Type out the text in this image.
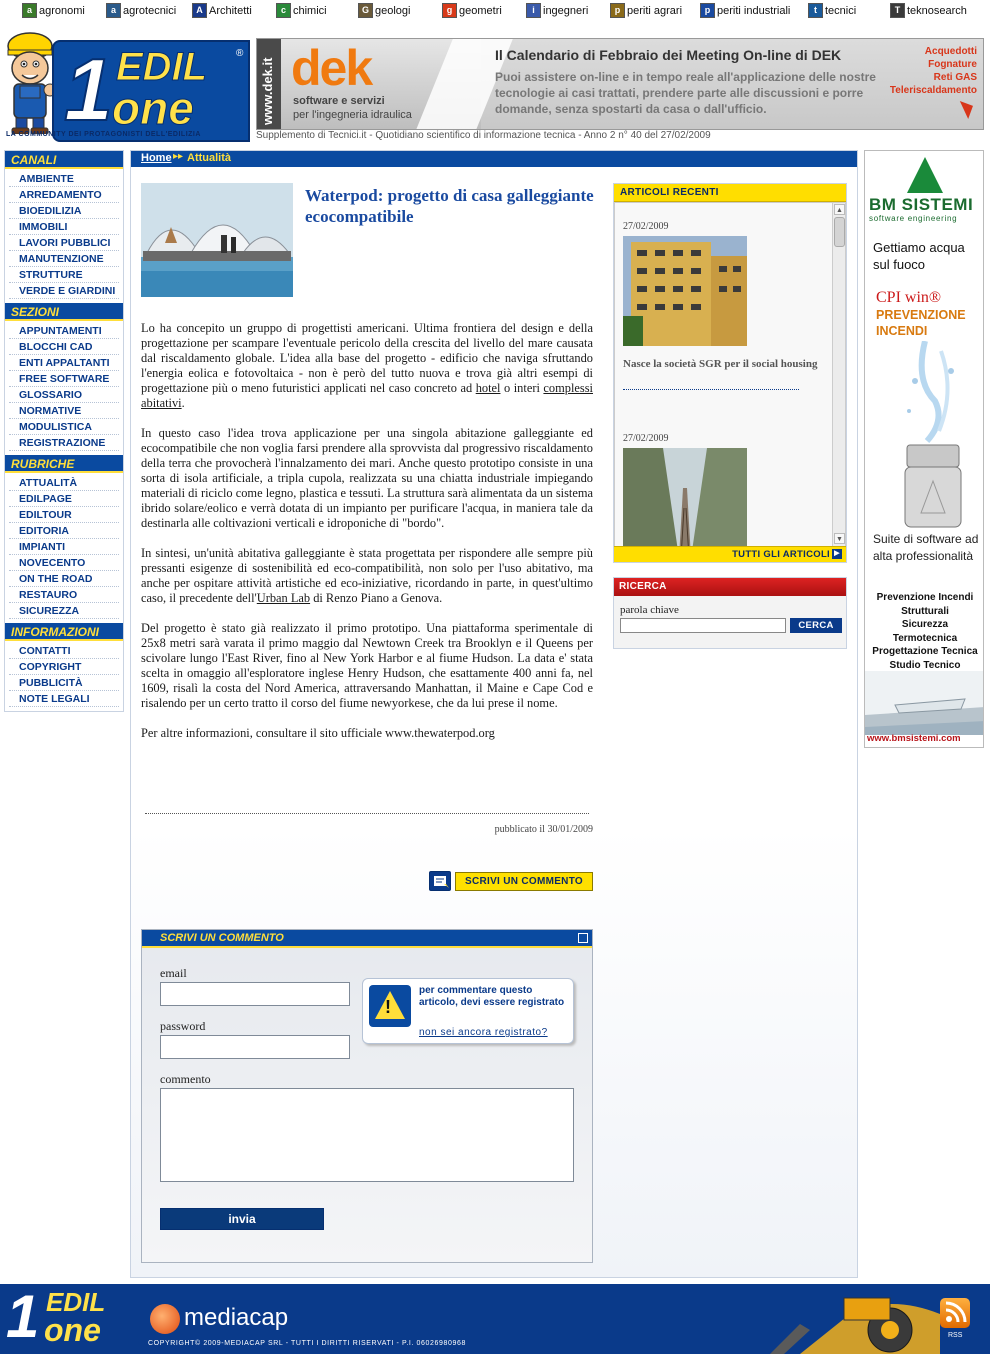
a agronomi	a agrotecnici	A Architetti	c chimici	G geologi	g geometri	i ingegneri	p periti agrari	p periti industriali	t tecnici	T teknosearch
1 EDIL
one
®
LA COMMUNITY DEI PROTAGONISTI DELL'EDILIZIA
www.dek.it dek
software e servizi
per l'ingegneria idraulica
Il Calendario di Febbraio dei Meeting On-line di DEK
Puoi assistere on-line e in tempo reale all'applicazione delle nostre tecnologie ai casi trattati, prendere parte alle discussioni e porre domande, senza spostarti da casa o dall'ufficio.
Acquedotti
Fognature
Reti GAS
Teleriscaldamento
Supplemento di Tecnici.it - Quotidiano scientifico di informazione tecnica - Anno 2 n° 40 del 27/02/2009
CANALI
AMBIENTE
ARREDAMENTO
BIOEDILIZIA
IMMOBILI
LAVORI PUBBLICI
MANUTENZIONE
STRUTTURE
VERDE E GIARDINI
SEZIONI
APPUNTAMENTI
BLOCCHI CAD
ENTI APPALTANTI
FREE SOFTWARE
GLOSSARIO
NORMATIVE
MODULISTICA
REGISTRAZIONE
RUBRICHE
ATTUALITÀ
EDILPAGE
EDILTOUR
EDITORIA
IMPIANTI
NOVECENTO
ON THE ROAD
RESTAURO
SICUREZZA
INFORMAZIONI
CONTATTI
COPYRIGHT
PUBBLICITÀ
NOTE LEGALI
Home ▸▸ Attualità
Waterpod: progetto di casa galleggiante ecocompatibile

Lo ha concepito un gruppo di progettisti americani. Ultima frontiera del design e della progettazione per scampare l'eventuale pericolo della crescita del livello del mare causata dal riscaldamento globale. L'idea alla base del progetto - edificio che naviga sfruttando l'energia eolica e fotovoltaica - non è però del tutto nuova e trova già altri esempi di progettazione più o meno futuristici applicati nel caso concreto ad hotel o interi complessi abitativi.

In questo caso l'idea trova applicazione per una singola abitazione galleggiante ed ecocompatibile che non voglia farsi prendere alla sprovvista dal progressivo riscaldamento della terra che provocherà l'innalzamento dei mari. Anche questo prototipo consiste in una sorta di isola artificiale, a tripla cupola, realizzata su una chiatta industriale impiegando materiali di riciclo come legno, plastica e tessuti. La struttura sarà alimentata da un sistema ibrido solare/eolico e verrà dotata di un impianto per purificare l'acqua, in maniera tale da destinarla alle coltivazioni verticali e idroponiche di "bordo".

In sintesi, un'unità abitativa galleggiante è stata progettata per rispondere alle sempre più pressanti esigenze di sostenibilità ed eco-compatibilità, non solo per l'uso abitativo, ma anche per ospitare attività artistiche ed eco-iniziative, ricordando in parte, in quest'ultimo caso, il precedente dell'Urban Lab di Renzo Piano a Genova.

Del progetto è stato già realizzato il primo prototipo. Una piattaforma sperimentale di 25x8 metri sarà varata il primo maggio dal Newtown Creek tra Brooklyn e il Queens per scivolare lungo l'East River, fino al New York Harbor e al fiume Hudson. La data e' stata scelta in omaggio all'esploratore inglese Henry Hudson, che esattamente 400 anni fa, nel 1609, risalì la costa del Nord America, attraversando Manhattan, il Maine e Cape Cod e risalendo per un certo tratto il corso del fiume newyorkese, che da lui prese il nome.

Per altre informazioni, consultare il sito ufficiale www.thewaterpod.org

pubblicato il 30/01/2009
SCRIVI UN COMMENTO
SCRIVI UN COMMENTO
email
password
commento
invia
!
per commentare questo articolo, devi essere registrato
non sei ancora registrato?
ARTICOLI RECENTI
27/02/2009
Nasce la società SGR per il social housing
27/02/2009
▲
▼
TUTTI GLI ARTICOLI ▶
RICERCA
parola chiave
CERCA
BM SISTEMI
software engineering
Gettiamo acqua sul fuoco
CPI win®
PREVENZIONE INCENDI
Suite di software ad alta professionalità
Prevenzione Incendi
Strutturali
Sicurezza
Termotecnica
Progettazione Tecnica
Studio Tecnico
www.bmsistemi.com
1 EDIL
one	mediacap
COPYRIGHT© 2009-MEDIACAP SRL - TUTTI I DIRITTI RISERVATI - P.I. 06026980968
RSS
